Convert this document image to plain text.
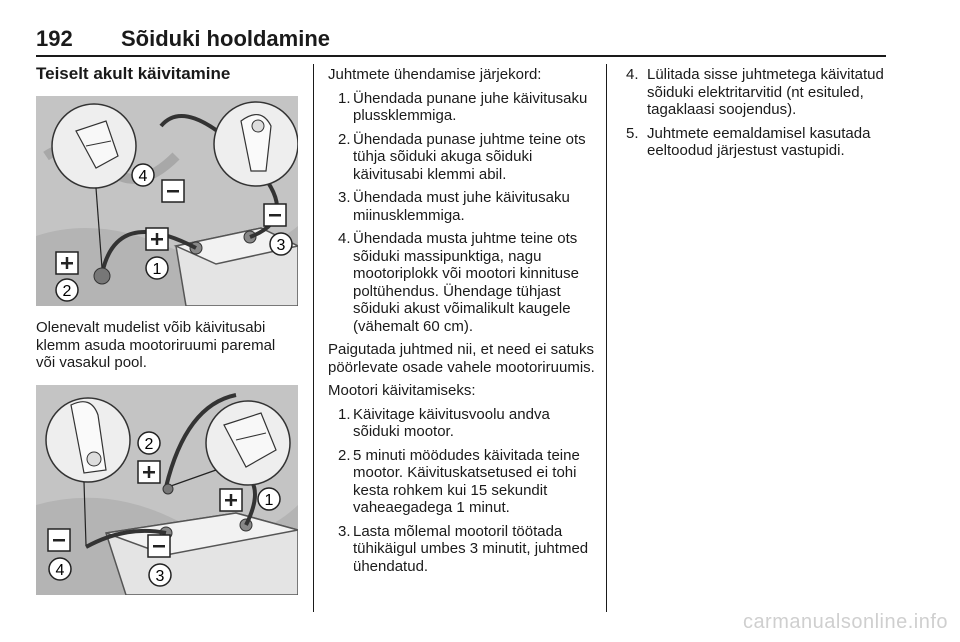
192 Sõiduki hooldamine
Teiselt akult käivitamine
4
3
1
2
Olenevalt mudelist võib käivitusabi klemm asuda mootoriruumi paremal või vasakul pool.
2
1
4	3

Juhtmete ühendamise järjekord:

1. Ühendada punane juhe käivitusaku plussklemmiga.
2. Ühendada punase juhtme teine ots tühja sõiduki akuga sõiduki käivitusabi klemmi abil.
3. Ühendada must juhe käivitusaku miinusklemmiga.
4. Ühendada musta juhtme teine ots sõiduki massipunktiga, nagu mootoriplokk või mootori kinnituse poltühendus. Ühendage tühjast sõiduki akust võimalikult kaugele (vähemalt 60 cm).

Paigutada juhtmed nii, et need ei satuks pöörlevate osade vahele mootoriruumis.

Mootori käivitamiseks:

1. Käivitage käivitusvoolu andva sõiduki mootor.
2. 5 minuti möödudes käivitada teine mootor. Käivituskatsetused ei tohi kesta rohkem kui 15 sekundit vaheaegadega 1 minut.
3. Lasta mõlemal mootoril töötada tühikäigul umbes 3 minutit, juhtmed ühendatud.
4. Lülitada sisse juhtmetega käivitatud sõiduki elektritarvitid (nt esituled, tagaklaasi soojendus).
5. Juhtmete eemaldamisel kasutada eeltoodud järjestust vastupidi.
carmanualsonline.info
